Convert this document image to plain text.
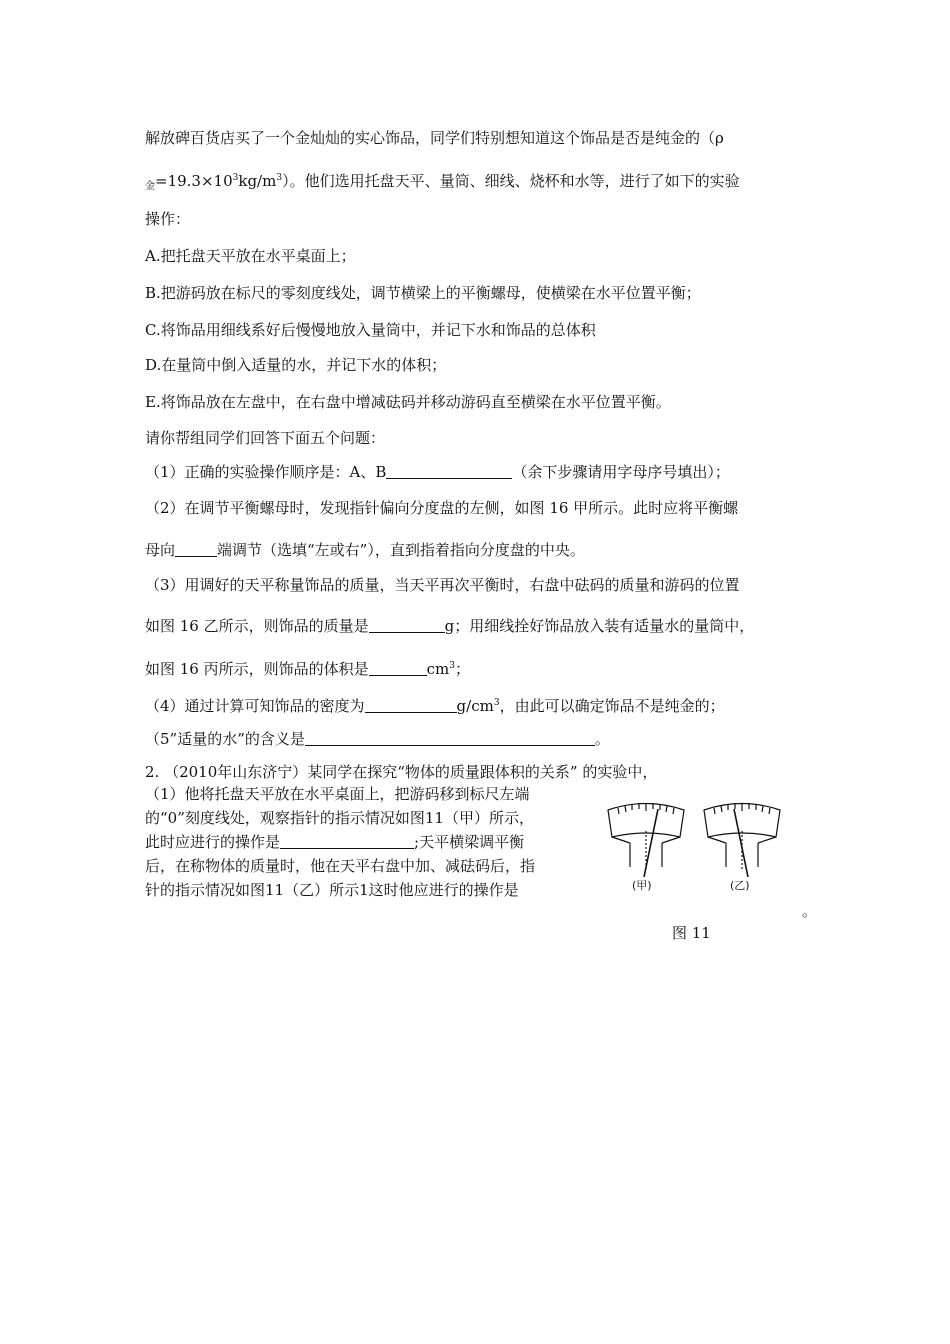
解放碑百货店买了一个金灿灿的实心饰品，同学们特别想知道这个饰品是否是纯金的（ρ
$_金=19.3\times 10^3kg/m^3$）。他们选用托盘天平、量筒、细线、烧杯和水等，进行了如下的实验
操作：
A.把托盘天平放在水平桌面上；
B.把游码放在标尺的零刻度线处，调节横梁上的平衡螺母，使横梁在水平位置平衡；
C.将饰品用细线系好后慢慢地放入量筒中，并记下水和饰品的总体积
D.在量筒中倒入适量的水，并记下水的体积；
E.将饰品放在左盘中，在右盘中增减砝码并移动游码直至横梁在水平位置平衡。
请你帮组同学们回答下面五个问题：
（1）正确的实验操作顺序是：A、B	（余下步骤请用字母序号填出）；
（2）在调节平衡螺母时，发现指针偏向分度盘的左侧，如图 16 甲所示。此时应将平衡螺
母向	端调节（选填“左或右”），直到指着指向分度盘的中央。
（3）用调好的天平称量饰品的质量，当天平再次平衡时，右盘中砝码的质量和游码的位置
如图 16 乙所示，则饰品的质量是	g；用细线拴好饰品放入装有适量水的量筒中，
如图 16 丙所示，则饰品的体积是	$cm^3$；
（4）通过计算可知饰品的密度为	$g/cm^3$，由此可以确定饰品不是纯金的；
（5”适量的水”的含义是	。
2. （2010年山东济宁）某同学在探究“物体的质量跟体积的关系” 的实验中，
（1）他将托盘天平放在水平桌面上，把游码移到标尺左端
的“0”刻度线处，观察指针的指示情况如图11（甲）所示，
此时应进行的操作是	;天平横梁调平衡
后，在称物体的质量时，他在天平右盘中加、减砝码后，指
针的指示情况如图11（乙）所示1这时他应进行的操作是
。
(甲)	(乙)
图 11
